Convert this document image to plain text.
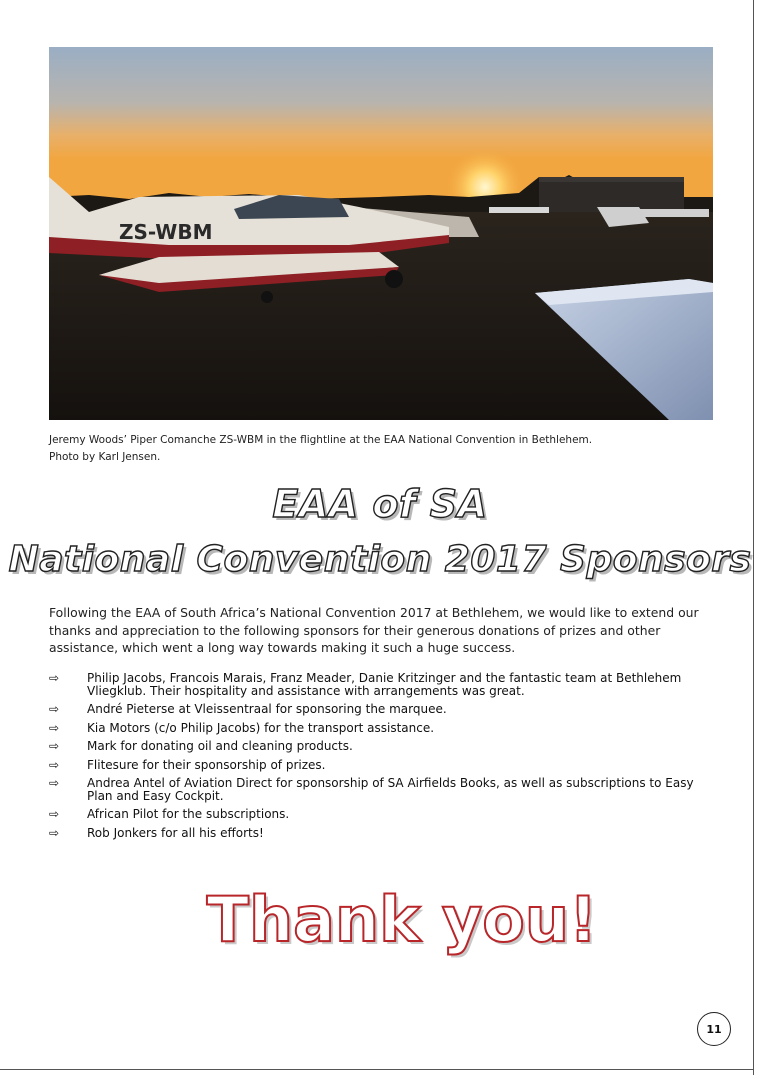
ZS-WBM
Jeremy Woods’ Piper Comanche ZS-WBM in the flightline at the EAA National Convention in Bethlehem.
Photo by Karl Jensen.
EAA of SA
National Convention 2017 Sponsors

Following the EAA of South Africa’s National Convention 2017 at Bethlehem, we would like to extend our thanks and appreciation to the following sponsors for their generous donations of prizes and other assistance, which went a long way towards making it such a huge success.

⇨ Philip Jacobs, Francois Marais, Franz Meader, Danie Kritzinger and the fantastic team at Bethlehem Vliegklub. Their hospitality and assistance with arrangements was great.
⇨ André Pieterse at Vleissentraal for sponsoring the marquee.
⇨ Kia Motors (c/o Philip Jacobs) for the transport assistance.
⇨ Mark for donating oil and cleaning products.
⇨ Flitesure for their sponsorship of prizes.
⇨ Andrea Antel of Aviation Direct for sponsorship of SA Airfields Books, as well as subscriptions to Easy Plan and Easy Cockpit.
⇨ African Pilot for the subscriptions.
⇨ Rob Jonkers for all his efforts!
Thank you!
11
